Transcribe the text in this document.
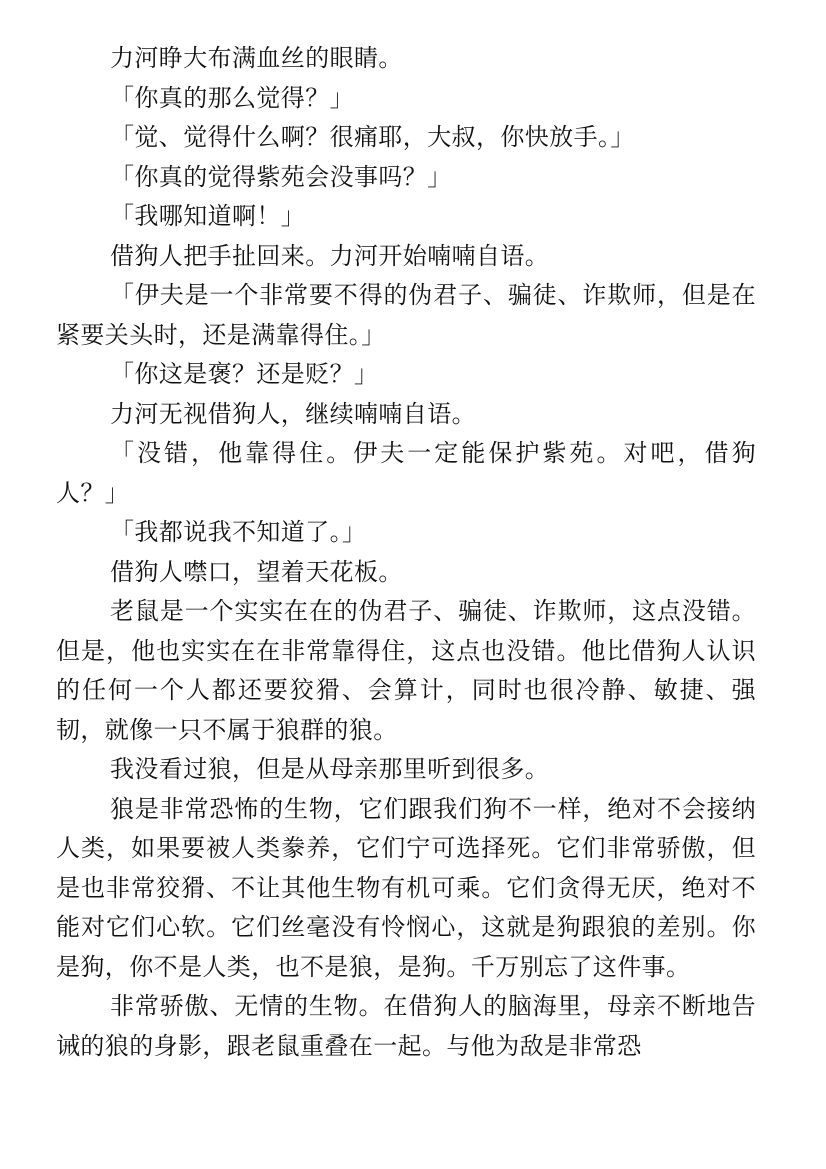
力河睁大布满血丝的眼睛。

「你真的那么觉得？」

「觉、觉得什么啊？很痛耶，大叔，你快放手。」

「你真的觉得紫苑会没事吗？」

「我哪知道啊！」

借狗人把手扯回来。力河开始喃喃自语。

「伊夫是一个非常要不得的伪君子、骗徒、诈欺师，但是在紧要关头时，还是满靠得住。」

「你这是褒？还是贬？」

力河无视借狗人，继续喃喃自语。

「没错，他靠得住。伊夫一定能保护紫苑。对吧，借狗人？」

「我都说我不知道了。」

借狗人噤口，望着天花板。

老鼠是一个实实在在的伪君子、骗徒、诈欺师，这点没错。但是，他也实实在在非常靠得住，这点也没错。他比借狗人认识的任何一个人都还要狡猾、会算计，同时也很冷静、敏捷、强韧，就像一只不属于狼群的狼。

我没看过狼，但是从母亲那里听到很多。

狼是非常恐怖的生物，它们跟我们狗不一样，绝对不会接纳人类，如果要被人类豢养，它们宁可选择死。它们非常骄傲，但是也非常狡猾、不让其他生物有机可乘。它们贪得无厌，绝对不能对它们心软。它们丝毫没有怜悯心，这就是狗跟狼的差别。你是狗，你不是人类，也不是狼，是狗。千万别忘了这件事。

非常骄傲、无情的生物。在借狗人的脑海里，母亲不断地告诫的狼的身影，跟老鼠重叠在一起。与他为敌是非常恐
